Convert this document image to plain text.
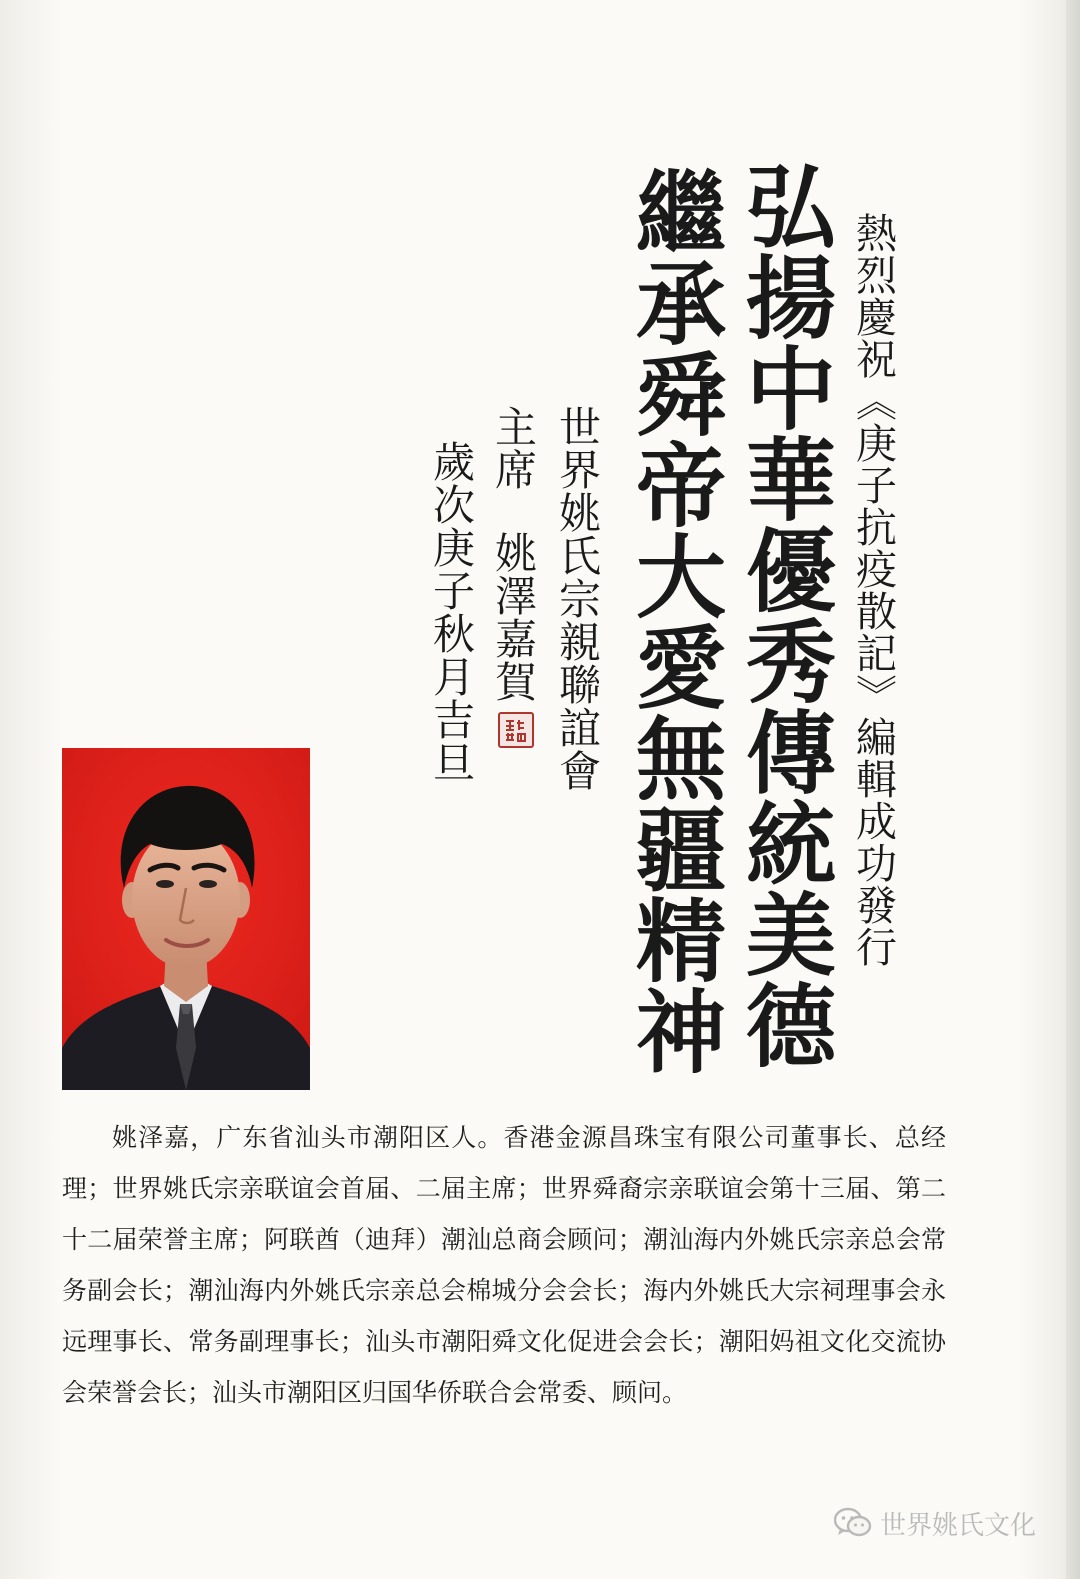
熱烈慶祝《庚子抗疫散記》編輯成功發行
弘揚中華優秀傳統美德
繼承舜帝大愛無疆精神
世界姚氏宗親聯誼會
主席姚澤嘉賀
歲次庚子秋月吉旦

姚泽嘉，广东省汕头市潮阳区人。香港金源昌珠宝有限公司董事长、总经理；世界姚氏宗亲联谊会首届、二届主席；世界舜裔宗亲联谊会第十三届、第二十二届荣誉主席；阿联酋（迪拜）潮汕总商会顾问；潮汕海内外姚氏宗亲总会常务副会长；潮汕海内外姚氏宗亲总会棉城分会会长；海内外姚氏大宗祠理事会永远理事长、常务副理事长；汕头市潮阳舜文化促进会会长；潮阳妈祖文化交流协会荣誉会长；汕头市潮阳区归国华侨联合会常委、顾问。

世界姚氏文化
